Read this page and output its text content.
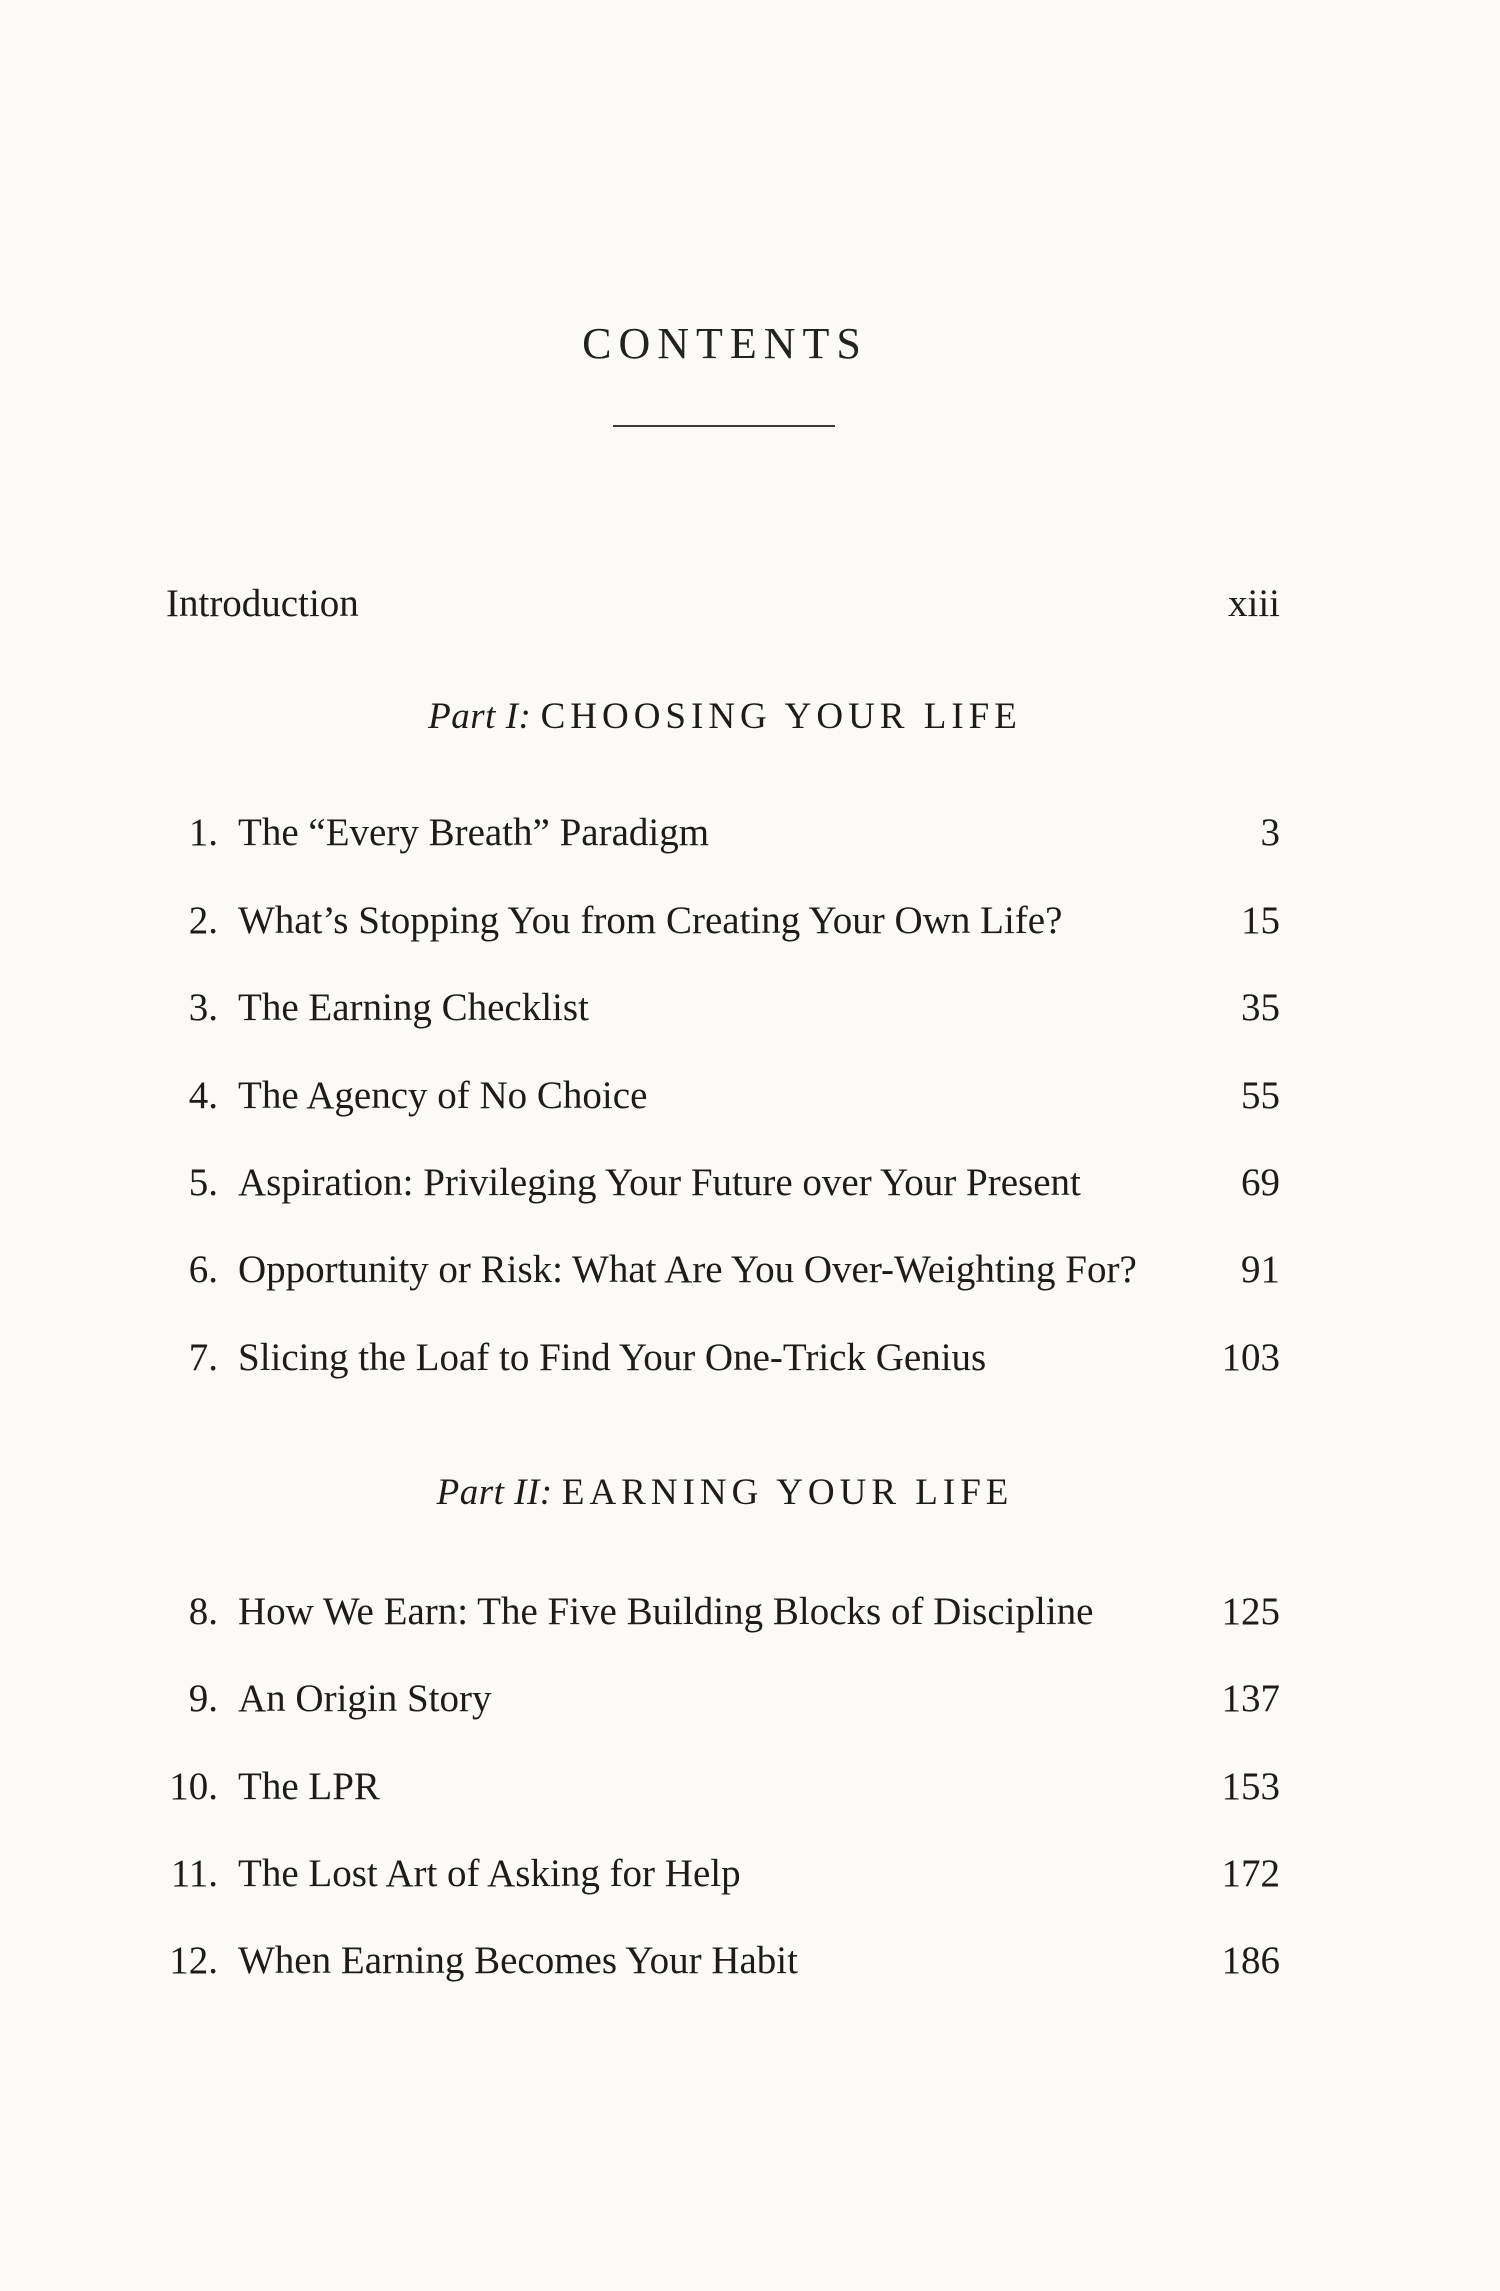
CONTENTS
Introduction	xiii
Part I: CHOOSING YOUR LIFE
1. The “Every Breath” Paradigm	3
2. What’s Stopping You from Creating Your Own Life?	15
3. The Earning Checklist	35
4. The Agency of No Choice	55
5. Aspiration: Privileging Your Future over Your Present	69
6. Opportunity or Risk: What Are You Over-Weighting For?	91
7. Slicing the Loaf to Find Your One-Trick Genius	103
Part II: EARNING YOUR LIFE
8. How We Earn: The Five Building Blocks of Discipline	125
9. An Origin Story	137
10. The LPR	153
11. The Lost Art of Asking for Help	172
12. When Earning Becomes Your Habit	186
